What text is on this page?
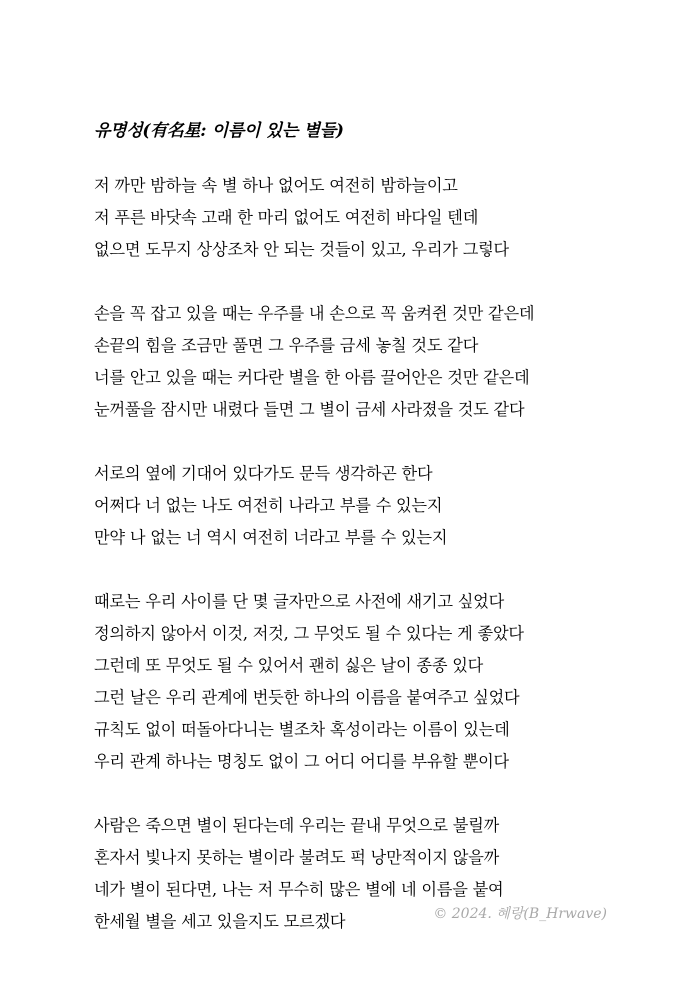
유명성(有名星: 이름이 있는 별들)
저 까만 밤하늘 속 별 하나 없어도 여전히 밤하늘이고
저 푸른 바닷속 고래 한 마리 없어도 여전히 바다일 텐데
없으면 도무지 상상조차 안 되는 것들이 있고, 우리가 그렇다
손을 꼭 잡고 있을 때는 우주를 내 손으로 꼭 움켜쥔 것만 같은데
손끝의 힘을 조금만 풀면 그 우주를 금세 놓칠 것도 같다
너를 안고 있을 때는 커다란 별을 한 아름 끌어안은 것만 같은데
눈꺼풀을 잠시만 내렸다 들면 그 별이 금세 사라졌을 것도 같다
서로의 옆에 기대어 있다가도 문득 생각하곤 한다
어쩌다 너 없는 나도 여전히 나라고 부를 수 있는지
만약 나 없는 너 역시 여전히 너라고 부를 수 있는지
때로는 우리 사이를 단 몇 글자만으로 사전에 새기고 싶었다
정의하지 않아서 이것, 저것, 그 무엇도 될 수 있다는 게 좋았다
그런데 또 무엇도 될 수 있어서 괜히 싫은 날이 종종 있다
그런 날은 우리 관계에 번듯한 하나의 이름을 붙여주고 싶었다
규칙도 없이 떠돌아다니는 별조차 혹성이라는 이름이 있는데
우리 관계 하나는 명칭도 없이 그 어디 어디를 부유할 뿐이다
사람은 죽으면 별이 된다는데 우리는 끝내 무엇으로 불릴까
혼자서 빛나지 못하는 별이라 불려도 퍽 낭만적이지 않을까
네가 별이 된다면, 나는 저 무수히 많은 별에 네 이름을 붙여
한세월 별을 세고 있을지도 모르겠다	© 2024. 혜랑(B_Hrwave)
